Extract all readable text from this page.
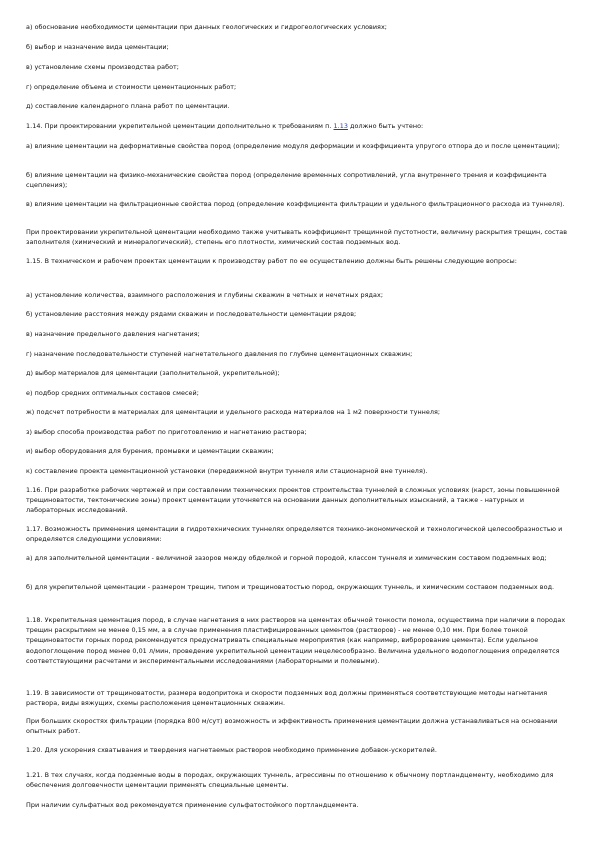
а) обоснование необходимости цементации при данных геологических и гидрогеологических условиях;

б) выбор и назначение вида цементации;

в) установление схемы производства работ;

г) определение объема и стоимости цементационных работ;

д) составление календарного плана работ по цементации.

1.14. При проектировании укрепительной цементации дополнительно к требованиям п. 1.13 должно быть учтено:

а) влияние цементации на деформативные свойства пород (определение модуля деформации и коэффициента упругого отпора до и после цементации);

б) влияние цементации на физико-механические свойства пород (определение временных сопротивлений, угла внутреннего трения и коэффициента сцепления);

в) влияние цементации на фильтрационные свойства пород (определение коэффициента фильтрации и удельного фильтрационного расхода из туннеля).

При проектировании укрепительной цементации необходимо также учитывать коэффициент трещинной пустотности, величину раскрытия трещин, состав заполнителя (химический и минералогический), степень его плотности, химический состав подземных вод.

1.15. В техническом и рабочем проектах цементации к производству работ по ее осуществлению должны быть решены следующие вопросы:

а) установление количества, взаимного расположения и глубины скважин в четных и нечетных рядах;

б) установление расстояния между рядами скважин и последовательности цементации рядов;

в) назначение предельного давления нагнетания;

г) назначение последовательности ступеней нагнетательного давления по глубине цементационных скважин;

д) выбор материалов для цементации (заполнительной, укрепительной);

е) подбор средних оптимальных составов смесей;

ж) подсчет потребности в материалах для цементации и удельного расхода материалов на 1 м2 поверхности туннеля;

з) выбор способа производства работ по приготовлению и нагнетанию раствора;

и) выбор оборудования для бурения, промывки и цементации скважин;

к) составление проекта цементационной установки (передвижной внутри туннеля или стационарной вне туннеля).

1.16. При разработке рабочих чертежей и при составлении технических проектов строительства туннелей в сложных условиях (карст, зоны повышенной трещиноватости, тектонические зоны) проект цементации уточняется на основании данных дополнительных изысканий, а также - натурных и лабораторных исследований.

1.17. Возможность применения цементации в гидротехнических туннелях определяется технико-экономической и технологической целесообразностью и определяется следующими условиями:

а) для заполнительной цементации - величиной зазоров между обделкой и горной породой, классом туннеля и химическим составом подземных вод;

б) для укрепительной цементации - размером трещин, типом и трещиноватостью пород, окружающих туннель, и химическим составом подземных вод.

1.18. Укрепительная цементация пород, в случае нагнетания в них растворов на цементах обычной тонкости помола, осуществима при наличии в породах трещин раскрытием не менее 0,15 мм, а в случае применения пластифицированных цементов (растворов) - не менее 0,10 мм. При более тонкой трещиноватости горных пород рекомендуется предусматривать специальные мероприятия (как например, виброрование цемента). Если удельное водопоглощение пород менее 0,01 л/мин, проведение укрепительной цементации нецелесообразно. Величина удельного водопоглощения определяется соответствующими расчетами и экспериментальными исследованиями (лабораторными и полевыми).

1.19. В зависимости от трещиноватости, размера водопритока и скорости подземных вод должны применяться соответствующие методы нагнетания раствора, виды вяжущих, схемы расположения цементационных скважин.

При больших скоростях фильтрации (порядка 800 м/сут) возможность и эффективность применения цементации должна устанавливаться на основании опытных работ.

1.20. Для ускорения схватывания и твердения нагнетаемых растворов необходимо применение добавок-ускорителей.

1.21. В тех случаях, когда подземные воды в породах, окружающих туннель, агрессивны по отношению к обычному портландцементу, необходимо для обеспечения долговечности цементации применять специальные цементы.

При наличии сульфатных вод рекомендуется применение сульфатостойкого портландцемента.
